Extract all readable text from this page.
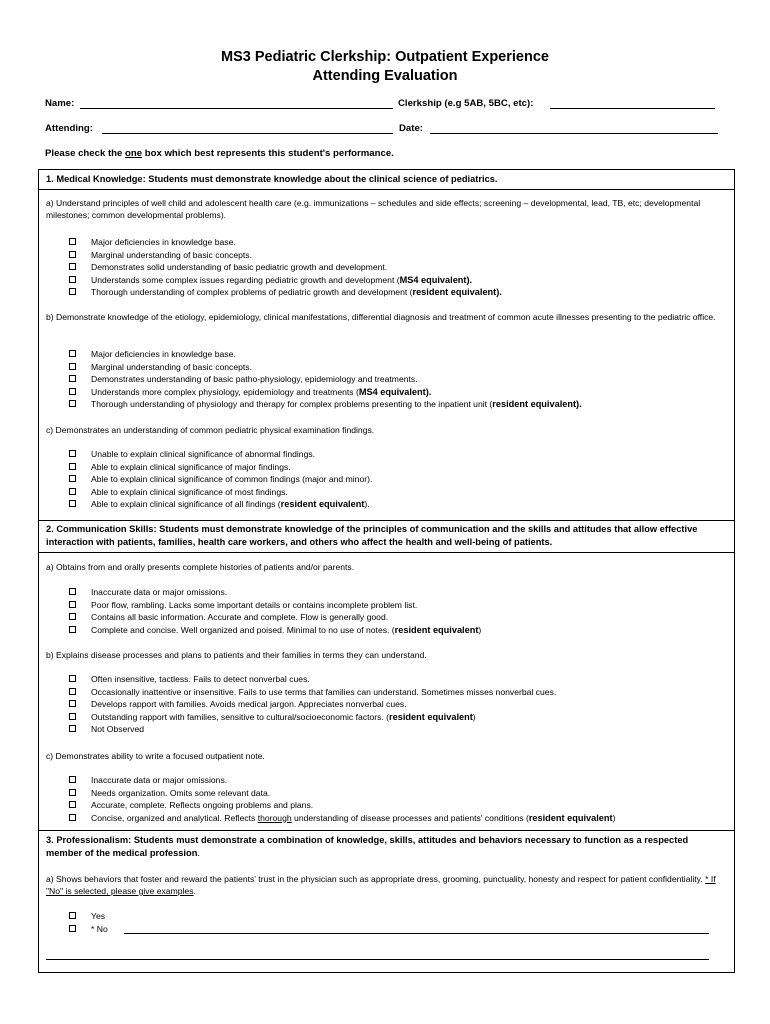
MS3 Pediatric Clerkship: Outpatient Experience
Attending Evaluation
Name:	Clerkship (e.g 5AB, 5BC, etc):
Attending:	Date:
Please check the one box which best represents this student's performance.
1. Medical Knowledge: Students must demonstrate knowledge about the clinical science of pediatrics.
a) Understand principles of well child and adolescent health care (e.g. immunizations – schedules and side effects; screening – developmental, lead, TB, etc; developmental milestones; common developmental problems).
Major deficiencies in knowledge base.
Marginal understanding of basic concepts.
Demonstrates solid understanding of basic pediatric growth and development.
Understands some complex issues regarding pediatric growth and development (MS4 equivalent).
Thorough understanding of complex problems of pediatric growth and development (resident equivalent).
b) Demonstrate knowledge of the etiology, epidemiology, clinical manifestations, differential diagnosis and treatment of common acute illnesses presenting to the pediatric office.
Major deficiencies in knowledge base.
Marginal understanding of basic concepts.
Demonstrates understanding of basic patho-physiology, epidemiology and treatments.
Understands more complex physiology, epidemiology and treatments (MS4 equivalent).
Thorough understanding of physiology and therapy for complex problems presenting to the inpatient unit (resident equivalent).
c) Demonstrates an understanding of common pediatric physical examination findings.
Unable to explain clinical significance of abnormal findings.
Able to explain clinical significance of major findings.
Able to explain clinical significance of common findings (major and minor).
Able to explain clinical significance of most findings.
Able to explain clinical significance of all findings (resident equivalent).
2. Communication Skills: Students must demonstrate knowledge of the principles of communication and the skills and attitudes that allow effective interaction with patients, families, health care workers, and others who affect the health and well-being of patients.
a) Obtains from and orally presents complete histories of patients and/or parents.
Inaccurate data or major omissions.
Poor flow, rambling. Lacks some important details or contains incomplete problem list.
Contains all basic information. Accurate and complete. Flow is generally good.
Complete and concise. Well organized and poised. Minimal to no use of notes. (resident equivalent)
b) Explains disease processes and plans to patients and their families in terms they can understand.
Often insensitive, tactless. Fails to detect nonverbal cues.
Occasionally inattentive or insensitive. Fails to use terms that families can understand. Sometimes misses nonverbal cues.
Develops rapport with families. Avoids medical jargon. Appreciates nonverbal cues.
Outstanding rapport with families, sensitive to cultural/socioeconomic factors. (resident equivalent)
Not Observed
c) Demonstrates ability to write a focused outpatient note.
Inaccurate data or major omissions.
Needs organization. Omits some relevant data.
Accurate, complete. Reflects ongoing problems and plans.
Concise, organized and analytical. Reflects thorough understanding of disease processes and patients' conditions (resident equivalent)
3. Professionalism: Students must demonstrate a combination of knowledge, skills, attitudes and behaviors necessary to function as a respected member of the medical profession.
a) Shows behaviors that foster and reward the patients' trust in the physician such as appropriate dress, grooming, punctuality, honesty and respect for patient confidentiality. * If "No" is selected, please give examples.
Yes
* No
